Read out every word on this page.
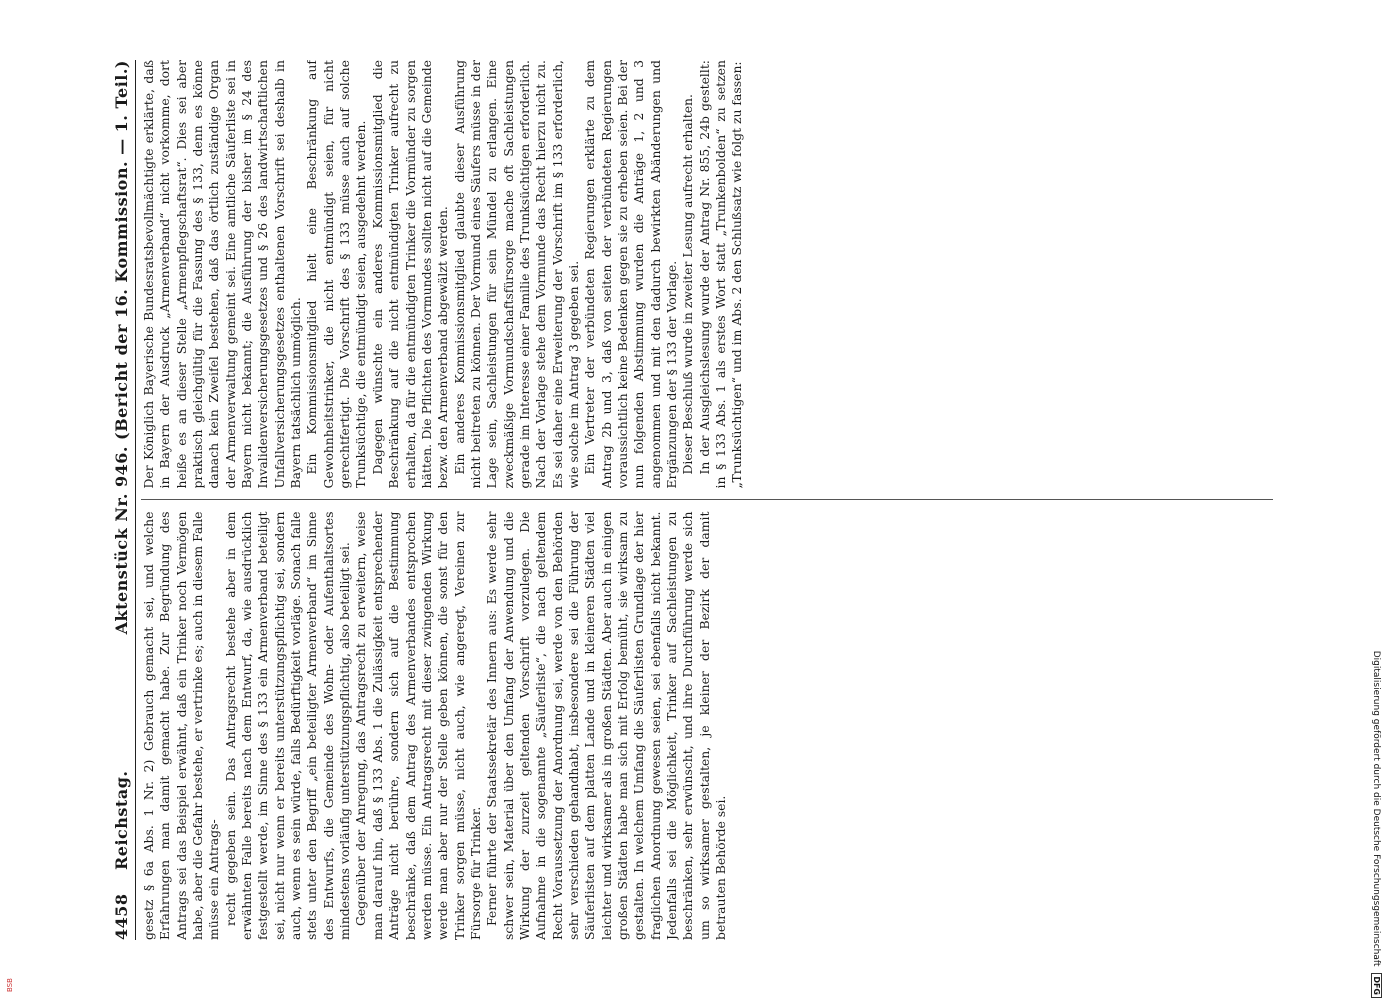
4458
Reichstag.
Aktenstück Nr. 946. (Bericht der 16. Kommission. — 1. Teil.)

gesetz § 6a Abs. 1 Nr. 2) Gebrauch gemacht sei, und welche Erfahrungen man damit gemacht habe. Zur Begründung des Antrags sei das Beispiel erwähnt, daß ein Trinker noch Vermögen habe, aber die Gefahr bestehe, er vertrinke es; auch in diesem Falle müsse ein Antrags- recht gegeben sein. Das Antragsrecht bestehe aber in dem erwähnten Falle bereits nach dem Entwurf, da, wie ausdrücklich festgestellt werde, im Sinne des § 133 ein Armenverband beteiligt sei, nicht nur wenn er bereits unterstützungspflichtig sei, sondern auch, wenn es sein würde, falls Bedürftigkeit vorläge. Sonach falle stets unter den Begriff „ein beteiligter Armenverband“ im Sinne des Entwurfs, die Gemeinde des Wohn- oder Aufenthaltsortes mindestens vorläufig unterstützungspflichtig, also beteiligt sei. Gegenüber der Anregung, das Antragsrecht zu erweitern, weise man darauf hin, daß § 133 Abs. 1 die Zulässigkeit entsprechender Anträge nicht berühre, sondern sich auf die Bestimmung beschränke, daß dem Antrag des Armenverbandes entsprochen werden müsse. Ein Antragsrecht mit dieser zwingenden Wirkung werde man aber nur der Stelle geben können, die sonst für den Trinker sorgen müsse, nicht auch, wie angeregt, Vereinen zur Fürsorge für Trinker. Ferner führte der Staatssekretär des Innern aus: Es werde sehr schwer sein, Material über den Umfang der Anwendung und die Wirkung der zurzeit geltenden Vorschrift vorzulegen. Die Aufnahme in die sogenannte „Säuferliste“, die nach geltendem Recht Voraussetzung der Anordnung sei, werde von den Behörden sehr verschieden gehandhabt, insbesondere sei die Führung der Säuferlisten auf dem platten Lande und in kleineren Städten viel leichter und wirksamer als in großen Städten. Aber auch in einigen großen Städten habe man sich mit Erfolg bemüht, sie wirksam zu gestalten. In welchem Umfang die Säuferlisten Grundlage der hier fraglichen Anordnung gewesen seien, sei ebenfalls nicht bekannt. Jedenfalls sei die Möglichkeit, Trinker auf Sachleistungen zu beschränken, sehr erwünscht, und ihre Durchführung werde sich um so wirksamer gestalten, je kleiner der Bezirk der damit betrauten Behörde sei.

Der Königlich Bayerische Bundesratsbevollmächtigte erklärte, daß in Bayern der Ausdruck „Armenverband“ nicht vorkomme, dort heiße es an dieser Stelle „Armenpflegschaftsrat“. Dies sei aber praktisch gleichgültig für die Fassung des § 133, denn es könne danach kein Zweifel bestehen, daß das örtlich zuständige Organ der Armenverwaltung gemeint sei. Eine amtliche Säuferliste sei in Bayern nicht bekannt; die Ausführung der bisher im § 24 des Invalidenversicherungsgesetzes und § 26 des landwirtschaftlichen Unfallversicherungsgesetzes enthaltenen Vorschrift sei deshalb in Bayern tatsächlich unmöglich. Ein Kommissionsmitglied hielt eine Beschränkung auf Gewohnheitstrinker, die nicht entmündigt seien, für nicht gerechtfertigt. Die Vorschrift des § 133 müsse auch auf solche Trunksüchtige, die entmündigt seien, ausgedehnt werden. Dagegen wünschte ein anderes Kommissionsmitglied die Beschränkung auf die nicht entmündigten Trinker aufrecht zu erhalten, da für die entmündigten Trinker die Vormünder zu sorgen hätten. Die Pflichten des Vormundes sollten nicht auf die Gemeinde bezw. den Armenverband abgewälzt werden. Ein anderes Kommissionsmitglied glaubte dieser Ausführung nicht beitreten zu können. Der Vormund eines Säufers müsse in der Lage sein, Sachleistungen für sein Mündel zu erlangen. Eine zweckmäßige Vormundschaftsfürsorge mache oft Sachleistungen gerade im Interesse einer Familie des Trunksüchtigen erforderlich. Nach der Vorlage stehe dem Vormunde das Recht hierzu nicht zu. Es sei daher eine Erweiterung der Vorschrift im § 133 erforderlich, wie solche im Antrag 3 gegeben sei. Ein Vertreter der verbündeten Regierungen erklärte zu dem Antrag 2b und 3, daß von seiten der verbündeten Regierungen voraussichtlich keine Bedenken gegen sie zu erheben seien. Bei der nun folgenden Abstimmung wurden die Anträge 1, 2 und 3 angenommen und mit den dadurch bewirkten Abänderungen und Ergänzungen der § 133 der Vorlage. Dieser Beschluß wurde in zweiter Lesung aufrecht erhalten. In der Ausgleichslesung wurde der Antrag Nr. 855, 24b gestellt: in § 133 Abs. 1 als erstes Wort statt „Trunkenbolden“ zu setzen „Trunksüchtigen“ und im Abs. 2 den Schlußsatz wie folgt zu fassen:

Digitalisierung gefördert durch die Deutsche Forschungsgemeinschaft DFG
BSB
